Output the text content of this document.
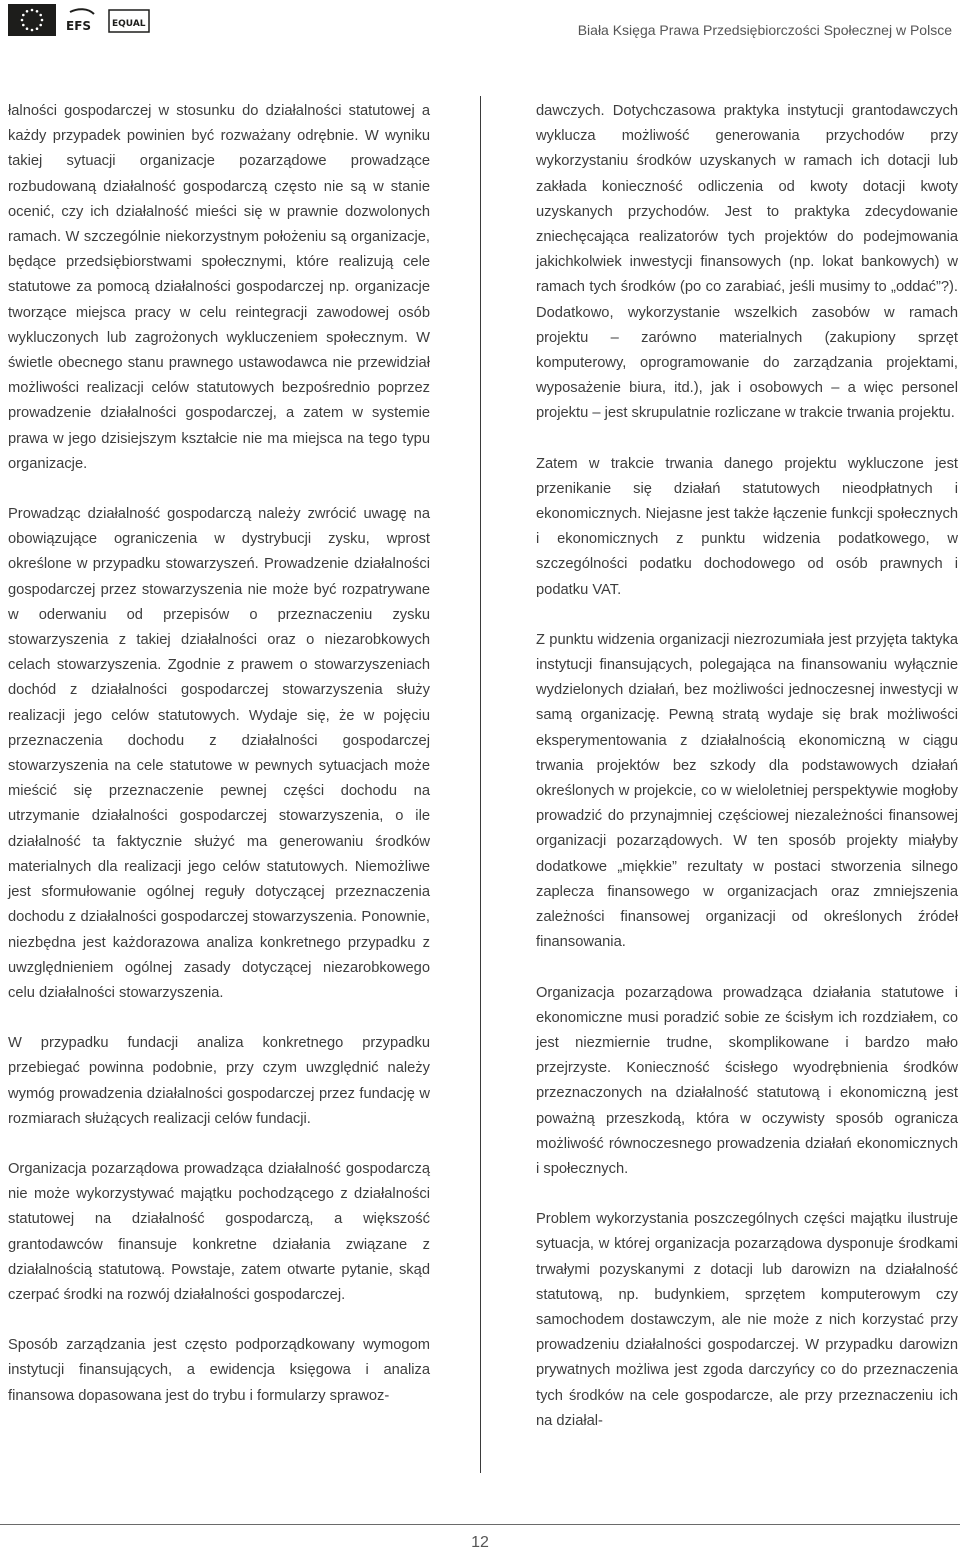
EFS EQUAL	Biała Księga Prawa Przedsiębiorczości Społecznej w Polsce

łalności gospodarczej w stosunku do działalności statutowej a każdy przypadek powinien być rozważany odrębnie. W wyniku takiej sytuacji organizacje pozarządowe prowadzące rozbudowaną działalność gospodarczą często nie są w stanie ocenić, czy ich działalność mieści się w prawnie dozwolonych ramach. W szczególnie niekorzystnym położeniu są organizacje, będące przedsiębiorstwami społecznymi, które realizują cele statutowe za pomocą działalności gospodarczej np. organizacje tworzące miejsca pracy w celu reintegracji zawodowej osób wykluczonych lub zagrożonych wykluczeniem społecznym. W świetle obecnego stanu prawnego ustawodawca nie przewidział możliwości realizacji celów statutowych bezpośrednio poprzez prowadzenie działalności gospodarczej, a zatem w systemie prawa w jego dzisiejszym kształcie nie ma miejsca na tego typu organizacje.

Prowadząc działalność gospodarczą należy zwrócić uwagę na obowiązujące ograniczenia w dystrybucji zysku, wprost określone w przypadku stowarzyszeń. Prowadzenie działalności gospodarczej przez stowarzyszenia nie może być rozpatrywane w oderwaniu od przepisów o przeznaczeniu zysku stowarzyszenia z takiej działalności oraz o niezarobkowych celach stowarzyszenia. Zgodnie z prawem o stowarzyszeniach dochód z działalności gospodarczej stowarzyszenia służy realizacji jego celów statutowych. Wydaje się, że w pojęciu przeznaczenia dochodu z działalności gospodarczej stowarzyszenia na cele statutowe w pewnych sytuacjach może mieścić się przeznaczenie pewnej części dochodu na utrzymanie działalności gospodarczej stowarzyszenia, o ile działalność ta faktycznie służyć ma generowaniu środków materialnych dla realizacji jego celów statutowych. Niemożliwe jest sformułowanie ogólnej reguły dotyczącej przeznaczenia dochodu z działalności gospodarczej stowarzyszenia. Ponownie, niezbędna jest każdorazowa analiza konkretnego przypadku z uwzględnieniem ogólnej zasady dotyczącej niezarobkowego celu działalności stowarzyszenia.

W przypadku fundacji analiza konkretnego przypadku przebiegać powinna podobnie, przy czym uwzględnić należy wymóg prowadzenia działalności gospodarczej przez fundację w rozmiarach służących realizacji celów fundacji.

Organizacja pozarządowa prowadząca działalność gospodarczą nie może wykorzystywać majątku pochodzącego z działalności statutowej na działalność gospodarczą, a większość grantodawców finansuje konkretne działania związane z działalnością statutową. Powstaje, zatem otwarte pytanie, skąd czerpać środki na rozwój działalności gospodarczej.

Sposób zarządzania jest często podporządkowany wymogom instytucji finansujących, a ewidencja księgowa i analiza finansowa dopasowana jest do trybu i formularzy sprawoz-

dawczych. Dotychczasowa praktyka instytucji grantodawczych wyklucza możliwość generowania przychodów przy wykorzystaniu środków uzyskanych w ramach ich dotacji lub zakłada konieczność odliczenia od kwoty dotacji kwoty uzyskanych przychodów. Jest to praktyka zdecydowanie zniechęcająca realizatorów tych projektów do podejmowania jakichkolwiek inwestycji finansowych (np. lokat bankowych) w ramach tych środków (po co zarabiać, jeśli musimy to „oddać”?). Dodatkowo, wykorzystanie wszelkich zasobów w ramach projektu – zarówno materialnych (zakupiony sprzęt komputerowy, oprogramowanie do zarządzania projektami, wyposażenie biura, itd.), jak i osobowych – a więc personel projektu – jest skrupulatnie rozliczane w trakcie trwania projektu.

Zatem w trakcie trwania danego projektu wykluczone jest przenikanie się działań statutowych nieodpłatnych i ekonomicznych. Niejasne jest także łączenie funkcji społecznych i ekonomicznych z punktu widzenia podatkowego, w szczególności podatku dochodowego od osób prawnych i podatku VAT.

Z punktu widzenia organizacji niezrozumiała jest przyjęta taktyka instytucji finansujących, polegająca na finansowaniu wyłącznie wydzielonych działań, bez możliwości jednoczesnej inwestycji w samą organizację. Pewną stratą wydaje się brak możliwości eksperymentowania z działalnością ekonomiczną w ciągu trwania projektów bez szkody dla podstawowych działań określonych w projekcie, co w wieloletniej perspektywie mogłoby prowadzić do przynajmniej częściowej niezależności finansowej organizacji pozarządowych. W ten sposób projekty miałyby dodatkowe „miękkie” rezultaty w postaci stworzenia silnego zaplecza finansowego w organizacjach oraz zmniejszenia zależności finansowej organizacji od określonych źródeł finansowania.

Organizacja pozarządowa prowadząca działania statutowe i ekonomiczne musi poradzić sobie ze ścisłym ich rozdziałem, co jest niezmiernie trudne, skomplikowane i bardzo mało przejrzyste. Konieczność ścisłego wyodrębnienia środków przeznaczonych na działalność statutową i ekonomiczną jest poważną przeszkodą, która w oczywisty sposób ogranicza możliwość równoczesnego prowadzenia działań ekonomicznych i społecznych.

Problem wykorzystania poszczególnych części majątku ilustruje sytuacja, w której organizacja pozarządowa dysponuje środkami trwałymi pozyskanymi z dotacji lub darowizn na działalność statutową, np. budynkiem, sprzętem komputerowym czy samochodem dostawczym, ale nie może z nich korzystać przy prowadzeniu działalności gospodarczej. W przypadku darowizn prywatnych możliwa jest zgoda darczyńcy co do przeznaczenia tych środków na cele gospodarcze, ale przy przeznaczeniu ich na działal-

12
